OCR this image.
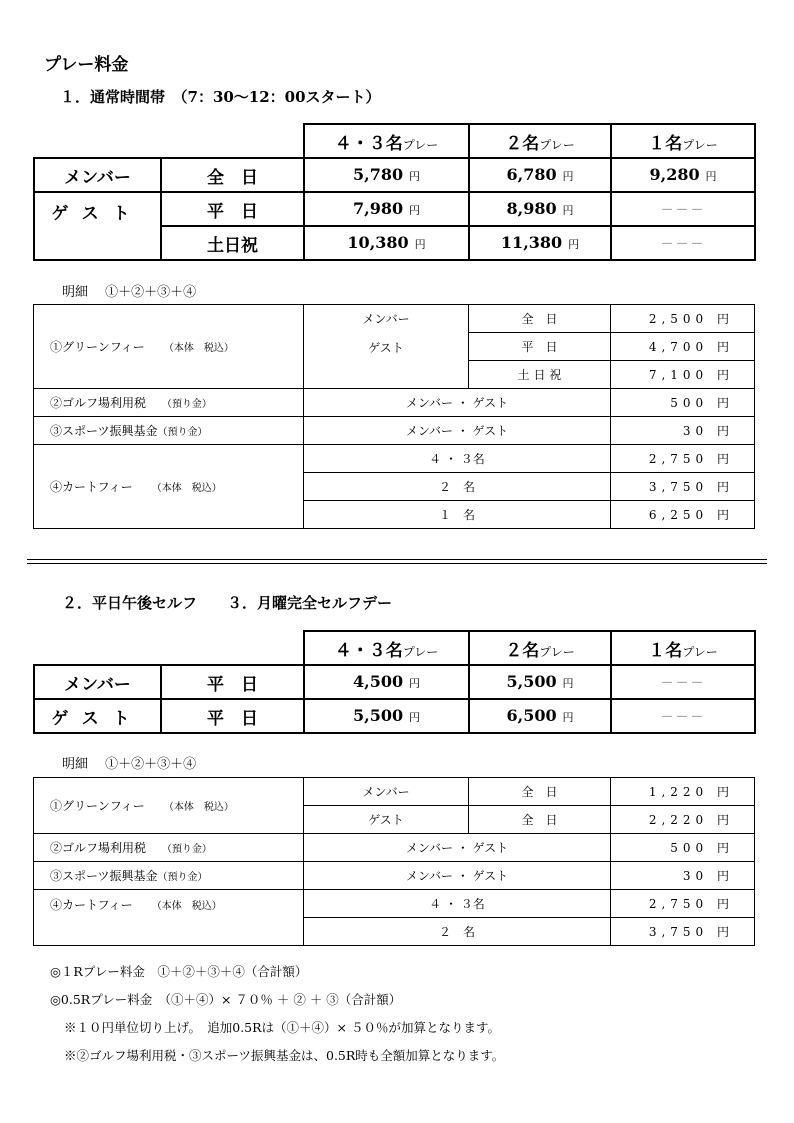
プレー料金
１．通常時間帯　（7：30～12：00スタート）
		４・３名プレー	２名プレー	１名プレー
メンバー	全　日	5,780 円	6,780 円	9,280 円
ゲスト	平　日	7,980 円	8,980 円	－－－
	土日祝	10,380 円	11,380 円	－－－
明細　 ①＋②＋③＋④
①グリーンフィー　　 （本体　税込）	メンバー	全　日	2,500 円
	ゲスト	平　日	4,700 円
		土 日 祝	7,100 円
②ゴルフ場利用税　 （預り金）	メンバー ・ ゲスト		500 円
③スポーツ振興基金（預り金）	メンバー ・ ゲスト		30 円
④カートフィー　　 （本体　税込）	４ ・ ３名		2,750 円
	２　名		3,750 円
	１　名		6,250 円
２．平日午後セルフ　　３．月曜完全セルフデー
		４・３名プレー	２名プレー	１名プレー
メンバー	平　日	4,500 円	5,500 円	－－－
ゲスト	平　日	5,500 円	6,500 円	－－－
明細　 ①＋②＋③＋④
①グリーンフィー　　 （本体　税込）	メンバー	全　日	1,220 円
	ゲスト	全　日	2,220 円
②ゴルフ場利用税　 （預り金）	メンバー ・ ゲスト		500 円
③スポーツ振興基金（預り金）	メンバー ・ ゲスト		30 円
④カートフィー　　 （本体　税込）	４ ・ ３名		2,750 円
	２　名		3,750 円
◎１Rプレー料金　①＋②＋③＋④（合計額）
◎0.5Rプレー料金　（①＋④）× ７０％ ＋ ② ＋ ③（合計額）
※１０円単位切り上げ。　追加0.5Rは（①＋④）× ５０％が加算となります。
※②ゴルフ場利用税・③スポーツ振興基金は、0.5R時も全額加算となります。
